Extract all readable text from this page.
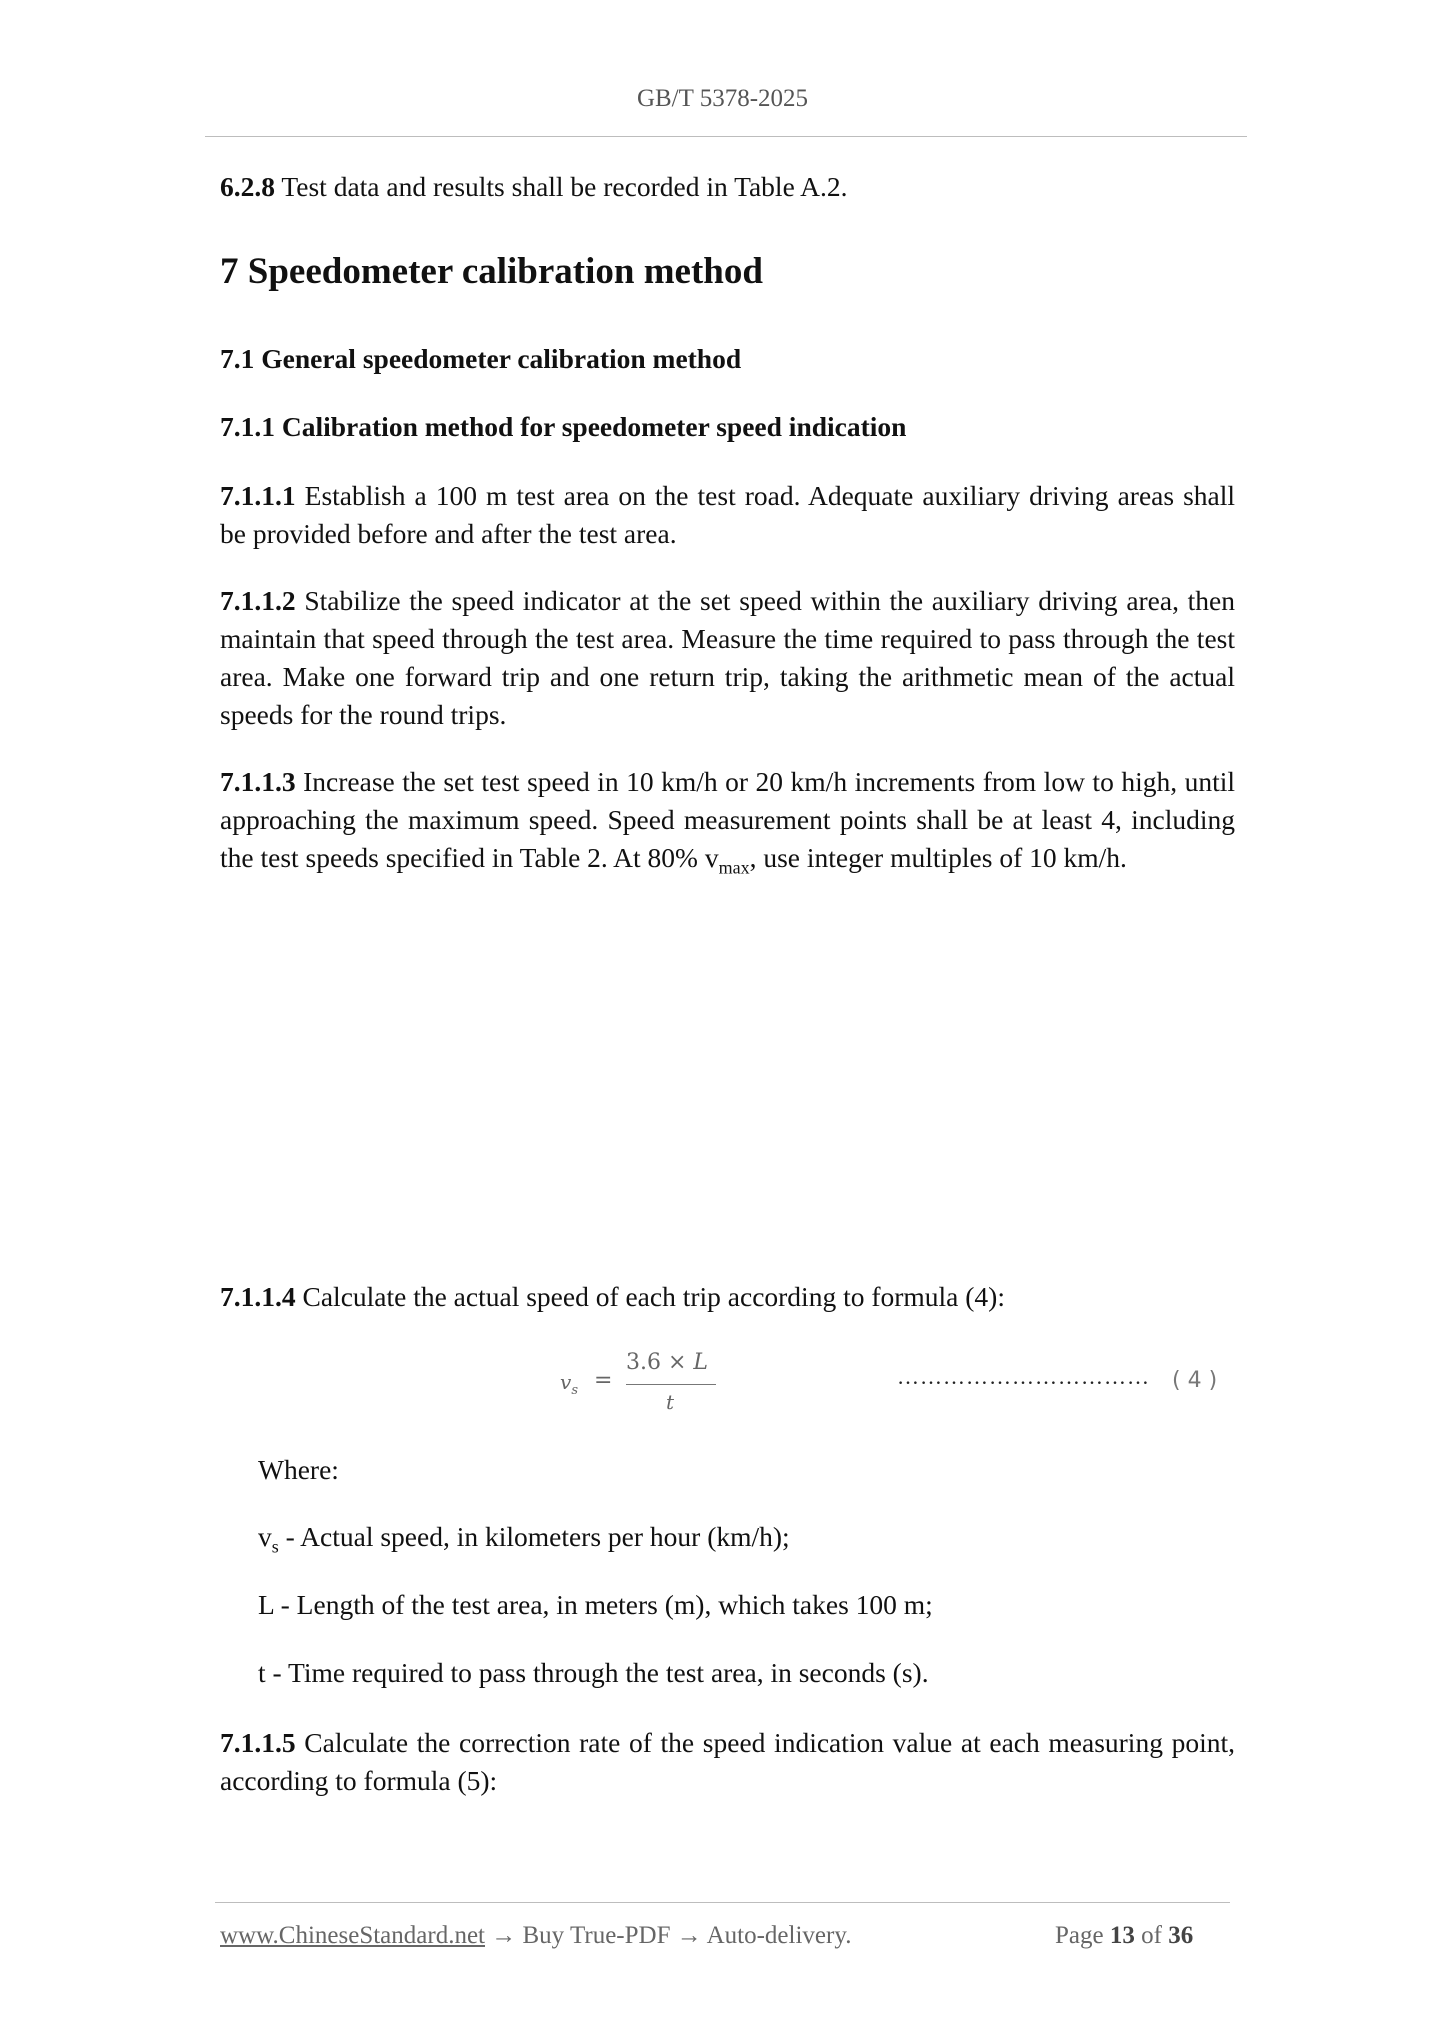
GB/T 5378-2025
6.2.8 Test data and results shall be recorded in Table A.2.
7 Speedometer calibration method
7.1 General speedometer calibration method
7.1.1 Calibration method for speedometer speed indication
7.1.1.1 Establish a 100 m test area on the test road. Adequate auxiliary driving areas shall be provided before and after the test area.
7.1.1.2 Stabilize the speed indicator at the set speed within the auxiliary driving area, then maintain that speed through the test area. Measure the time required to pass through the test area. Make one forward trip and one return trip, taking the arithmetic mean of the actual speeds for the round trips.
7.1.1.3 Increase the set test speed in 10 km/h or 20 km/h increments from low to high, until approaching the maximum speed. Speed measurement points shall be at least 4, including the test speeds specified in Table 2. At 80% $v_{max}$, use integer multiples of 10 km/h.
7.1.1.4 Calculate the actual speed of each trip according to formula (4):
$v_s$ =
3.6 × L
t
…………………………… ( 4 )
Where:
$v_s$ - Actual speed, in kilometers per hour (km/h);
L - Length of the test area, in meters (m), which takes 100 m;
t - Time required to pass through the test area, in seconds (s).
7.1.1.5 Calculate the correction rate of the speed indication value at each measuring point, according to formula (5):
www.ChineseStandard.net → Buy True-PDF → Auto-delivery.	Page 13 of 36
